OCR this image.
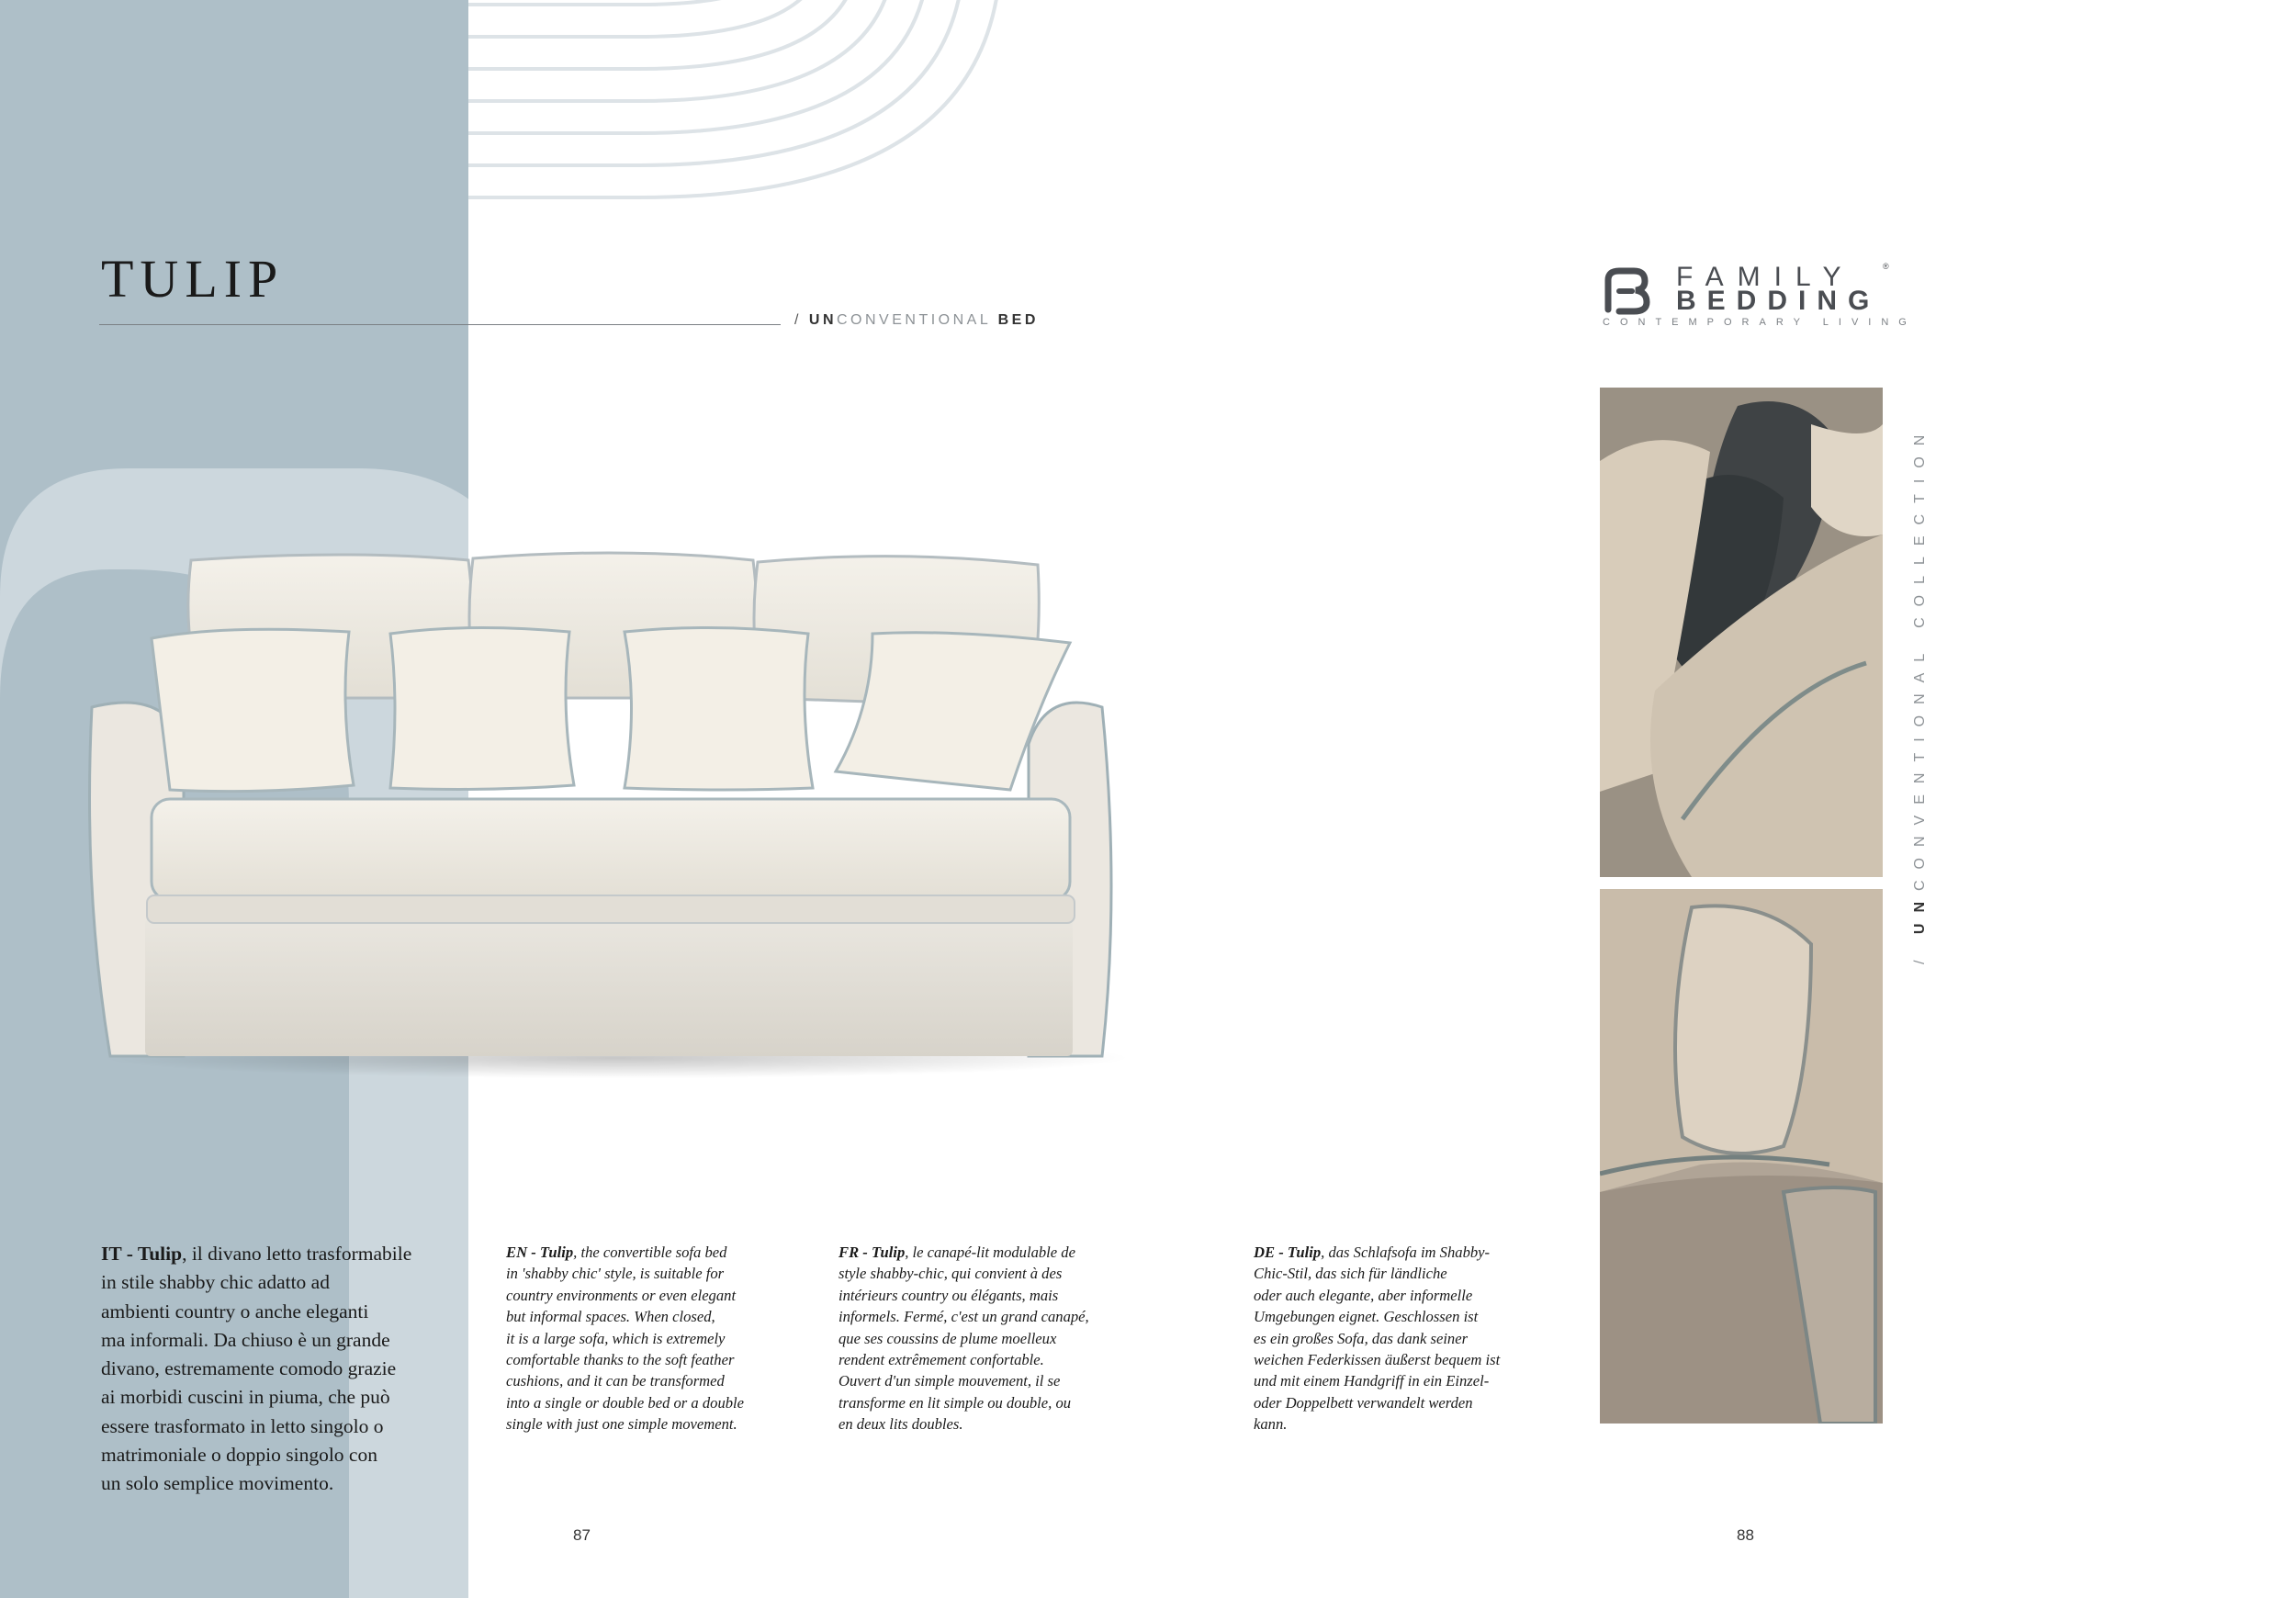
TULIP
/ UNCONVENTIONAL BED
FAMILY	®
BEDDING
CONTEMPORARY LIVING
/ UNCONVENTIONAL COLLECTION
IT - Tulip, il divano letto trasformabile
in stile shabby chic adatto ad
ambienti country o anche eleganti
ma informali. Da chiuso è un grande
divano, estremamente comodo grazie
ai morbidi cuscini in piuma, che può
essere trasformato in letto singolo o
matrimoniale o doppio singolo con
un solo semplice movimento.
EN - Tulip, the convertible sofa bed
in 'shabby chic' style, is suitable for
country environments or even elegant
but informal spaces. When closed,
it is a large sofa, which is extremely
comfortable thanks to the soft feather
cushions, and it can be transformed
into a single or double bed or a double
single with just one simple movement.
FR - Tulip, le canapé-lit modulable de
style shabby-chic, qui convient à des
intérieurs country ou élégants, mais
informels. Fermé, c'est un grand canapé,
que ses coussins de plume moelleux
rendent extrêmement confortable.
Ouvert d'un simple mouvement, il se
transforme en lit simple ou double, ou
en deux lits doubles.
DE - Tulip, das Schlafsofa im Shabby-
Chic-Stil, das sich für ländliche
oder auch elegante, aber informelle
Umgebungen eignet. Geschlossen ist
es ein großes Sofa, das dank seiner
weichen Federkissen äußerst bequem ist
und mit einem Handgriff in ein Einzel-
oder Doppelbett verwandelt werden
kann.
87	88
